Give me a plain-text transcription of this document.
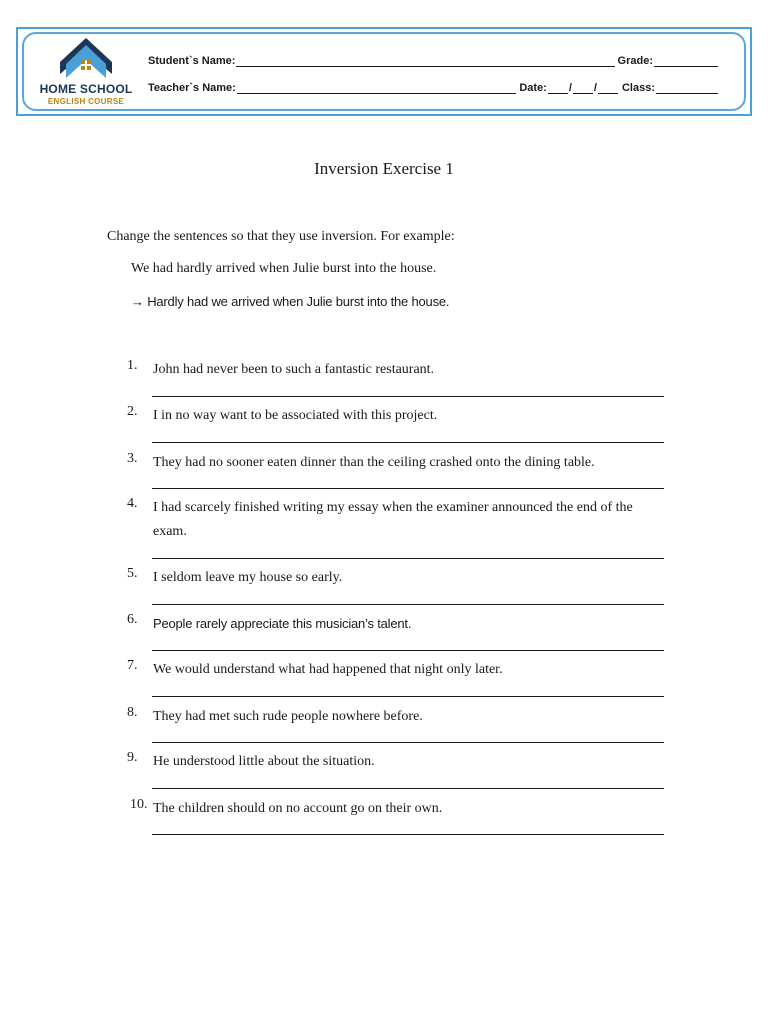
HOME SCHOOL
ENGLISH COURSE
Student`s Name:	Grade:
Teacher`s Name:	Date: / / Class:
Inversion Exercise 1
Change the sentences so that they use inversion. For example:
We had hardly arrived when Julie burst into the house.
→ Hardly had we arrived when Julie burst into the house.
1.	John had never been to such a fantastic restaurant.
2.	I in no way want to be associated with this project.
3.	They had no sooner eaten dinner than the ceiling crashed onto the dining table.
4.	I had scarcely finished writing my essay when the examiner announced the end of the
exam.
5.	I seldom leave my house so early.
6.	People rarely appreciate this musician’s talent.
7.	We would understand what had happened that night only later.
8.	They had met such rude people nowhere before.
9.	He understood little about the situation.
10. The children should on no account go on their own.
